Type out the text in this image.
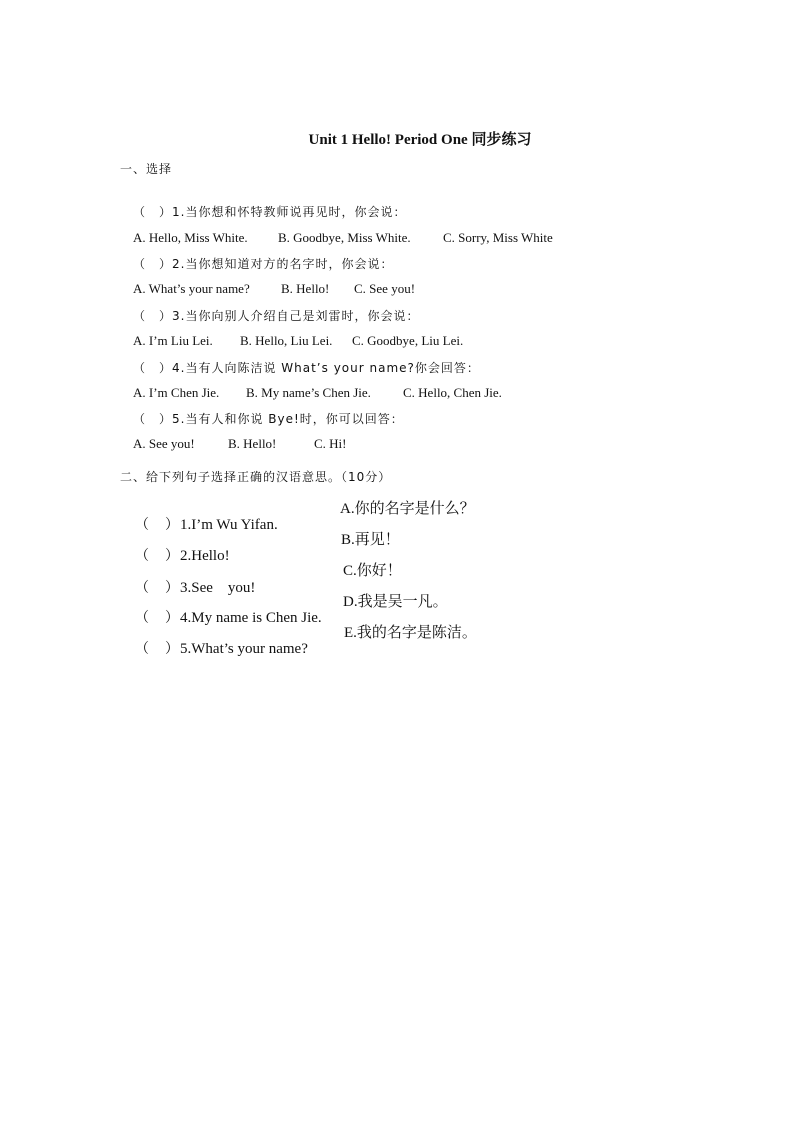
Unit 1 Hello! Period One 同步练习
一、选择

（　）1.当你想和怀特教师说再见时，你会说：

A. Hello, Miss White. B. Goodbye, Miss White. C. Sorry, Miss White

（　）2.当你想知道对方的名字时，你会说：

A. What’s your name? B. Hello! C. See you!

（　）3.当你向别人介绍自己是刘雷时，你会说：

A. I’m Liu Lei. B. Hello, Liu Lei. C. Goodbye, Liu Lei.

（　）4.当有人向陈洁说 What’s your name?你会回答：

A. I’m Chen Jie. B. My name’s Chen Jie. C. Hello, Chen Jie.

（　）5.当有人和你说 Bye!时，你可以回答：

A. See you!	B. Hello!	C. Hi!

二、给下列句子选择正确的汉语意思。（10分）

（　）1.I’m Wu Yifan.

A.你的名字是什么？

（　）2.Hello!

B.再见！

（　）3.See　you!

C.你好！

（　）4.My name is Chen Jie.

D.我是吴一凡。

（　）5.What’s your name?

E.我的名字是陈洁。
